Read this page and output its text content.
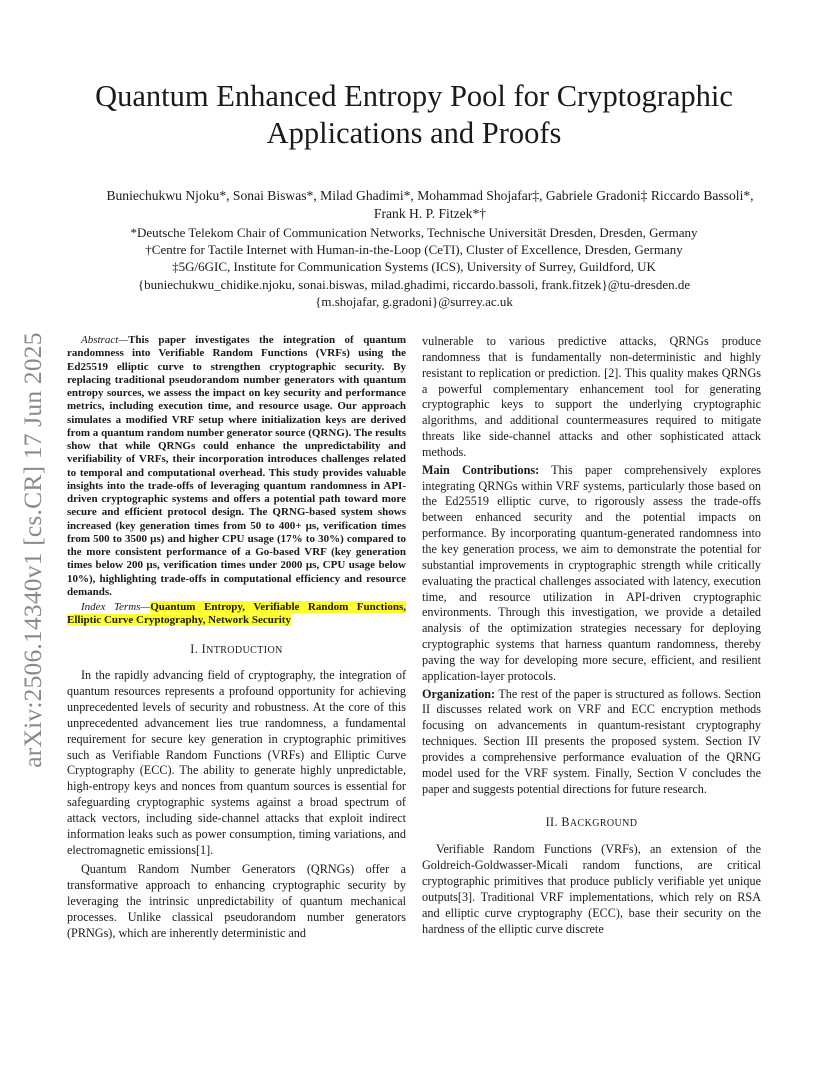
arXiv:2506.14340v1 [cs.CR] 17 Jun 2025
Quantum Enhanced Entropy Pool for Cryptographic Applications and Proofs
Buniechukwu Njoku*, Sonai Biswas*, Milad Ghadimi*, Mohammad Shojafar‡, Gabriele Gradoni‡ Riccardo Bassoli*,
Frank H. P. Fitzek*†
*Deutsche Telekom Chair of Communication Networks, Technische Universität Dresden, Dresden, Germany
†Centre for Tactile Internet with Human-in-the-Loop (CeTI), Cluster of Excellence, Dresden, Germany
‡5G/6GIC, Institute for Communication Systems (ICS), University of Surrey, Guildford, UK
{buniechukwu_chidike.njoku, sonai.biswas, milad.ghadimi, riccardo.bassoli, frank.fitzek}@tu-dresden.de
{m.shojafar, g.gradoni}@surrey.ac.uk

Abstract—This paper investigates the integration of quantum randomness into Verifiable Random Functions (VRFs) using the Ed25519 elliptic curve to strengthen cryptographic security. By replacing traditional pseudorandom number generators with quantum entropy sources, we assess the impact on key security and performance metrics, including execution time, and resource usage. Our approach simulates a modified VRF setup where initialization keys are derived from a quantum random number generator source (QRNG). The results show that while QRNGs could enhance the unpredictability and verifiability of VRFs, their incorporation introduces challenges related to temporal and computational overhead. This study provides valuable insights into the trade-offs of leveraging quantum randomness in API-driven cryptographic systems and offers a potential path toward more secure and efficient protocol design. The QRNG-based system shows increased (key generation times from 50 to 400+ µs, verification times from 500 to 3500 µs) and higher CPU usage (17% to 30%) compared to the more consistent performance of a Go-based VRF (key generation times below 200 µs, verification times under 2000 µs, CPU usage below 10%), highlighting trade-offs in computational efficiency and resource demands.

Index Terms—Quantum Entropy, Verifiable Random Functions, Elliptic Curve Cryptography, Network Security

I. INTRODUCTION

In the rapidly advancing field of cryptography, the integration of quantum resources represents a profound opportunity for achieving unprecedented levels of security and robustness. At the core of this unprecedented advancement lies true randomness, a fundamental requirement for secure key generation in cryptographic primitives such as Verifiable Random Functions (VRFs) and Elliptic Curve Cryptography (ECC). The ability to generate highly unpredictable, high-entropy keys and nonces from quantum sources is essential for safeguarding cryptographic systems against a broad spectrum of attack vectors, including side-channel attacks that exploit indirect information leaks such as power consumption, timing variations, and electromagnetic emissions[1].

Quantum Random Number Generators (QRNGs) offer a transformative approach to enhancing cryptographic security by leveraging the intrinsic unpredictability of quantum mechanical processes. Unlike classical pseudorandom number generators (PRNGs), which are inherently deterministic and

vulnerable to various predictive attacks, QRNGs produce randomness that is fundamentally non-deterministic and highly resistant to replication or prediction. [2]. This quality makes QRNGs a powerful complementary enhancement tool for generating cryptographic keys to support the underlying cryptographic algorithms, and additional countermeasures required to mitigate threats like side-channel attacks and other sophisticated attack methods.

Main Contributions: This paper comprehensively explores integrating QRNGs within VRF systems, particularly those based on the Ed25519 elliptic curve, to rigorously assess the trade-offs between enhanced security and the potential impacts on performance. By incorporating quantum-generated randomness into the key generation process, we aim to demonstrate the potential for substantial improvements in cryptographic strength while critically evaluating the practical challenges associated with latency, execution time, and resource utilization in API-driven cryptographic environments. Through this investigation, we provide a detailed analysis of the optimization strategies necessary for deploying cryptographic systems that harness quantum randomness, thereby paving the way for developing more secure, efficient, and resilient application-layer protocols.

Organization: The rest of the paper is structured as follows. Section II discusses related work on VRF and ECC encryption methods focusing on advancements in quantum-resistant cryptography techniques. Section III presents the proposed system. Section IV provides a comprehensive performance evaluation of the QRNG model used for the VRF system. Finally, Section V concludes the paper and suggests potential directions for future research.

II. BACKGROUND

Verifiable Random Functions (VRFs), an extension of the Goldreich-Goldwasser-Micali random functions, are critical cryptographic primitives that produce publicly verifiable yet unique outputs[3]. Traditional VRF implementations, which rely on RSA and elliptic curve cryptography (ECC), base their security on the hardness of the elliptic curve discrete
